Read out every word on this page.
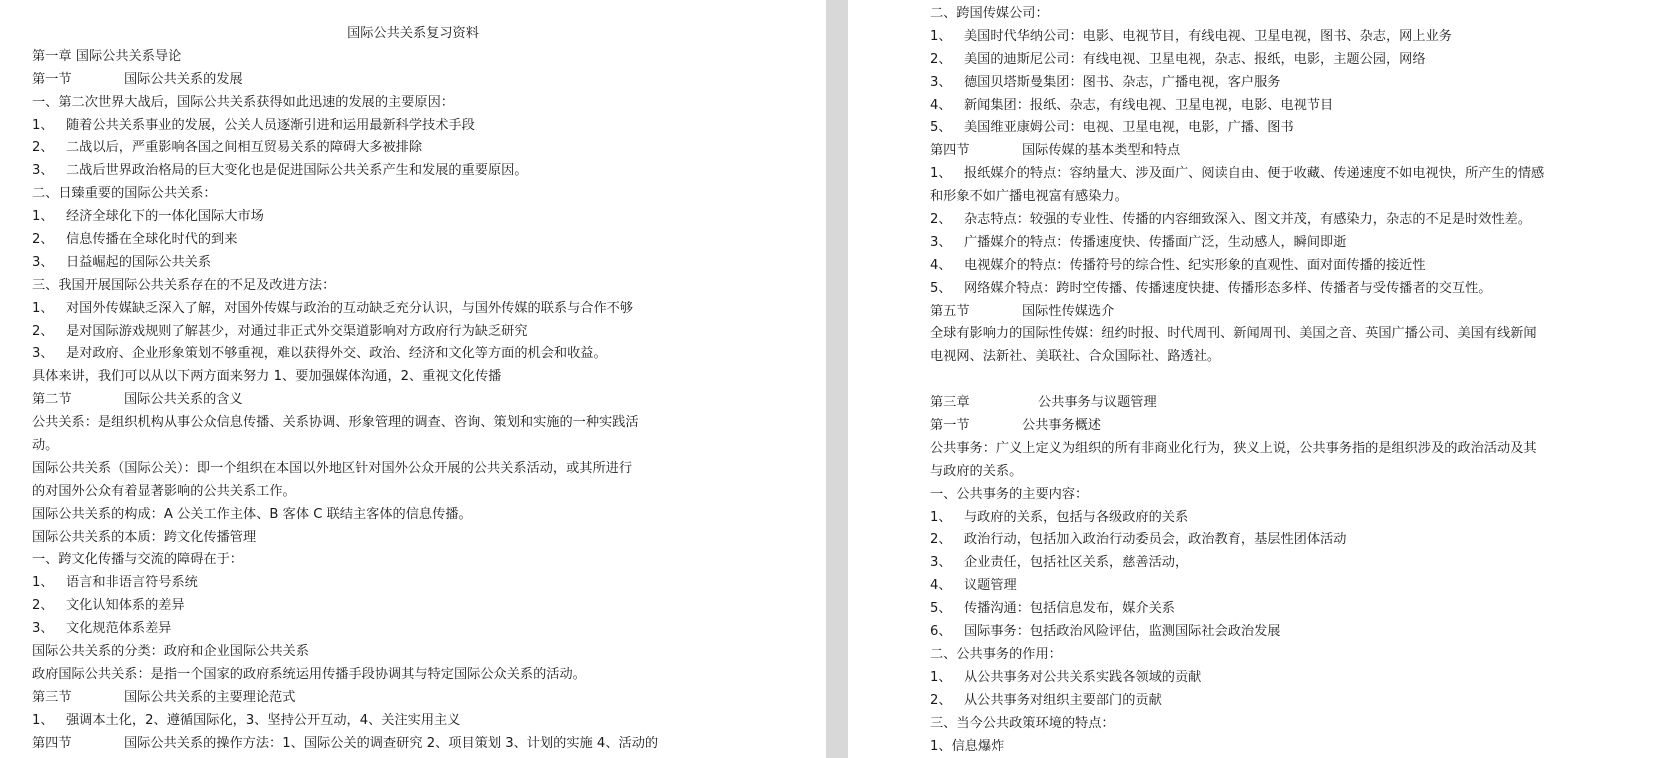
国际公共关系复习资料
第一章 国际公共关系导论
第一节	国际公共关系的发展
一、第二次世界大战后，国际公共关系获得如此迅速的发展的主要原因：
1、 随着公共关系事业的发展，公关人员逐渐引进和运用最新科学技术手段
2、 二战以后，严重影响各国之间相互贸易关系的障碍大多被排除
3、 二战后世界政治格局的巨大变化也是促进国际公共关系产生和发展的重要原因。
二、日臻重要的国际公共关系：
1、 经济全球化下的一体化国际大市场
2、 信息传播在全球化时代的到来
3、 日益崛起的国际公共关系
三、我国开展国际公共关系存在的不足及改进方法：
1、 对国外传媒缺乏深入了解，对国外传媒与政治的互动缺乏充分认识，与国外传媒的联系与合作不够
2、 是对国际游戏规则了解甚少，对通过非正式外交渠道影响对方政府行为缺乏研究
3、 是对政府、企业形象策划不够重视，难以获得外交、政治、经济和文化等方面的机会和收益。
具体来讲，我们可以从以下两方面来努力 1、要加强媒体沟通，2、重视文化传播
第二节	国际公共关系的含义
公共关系：是组织机构从事公众信息传播、关系协调、形象管理的调查、咨询、策划和实施的一种实践活
动。
国际公共关系（国际公关）：即一个组织在本国以外地区针对国外公众开展的公共关系活动，或其所进行
的对国外公众有着显著影响的公共关系工作。
国际公共关系的构成：A 公关工作主体、B 客体 C 联结主客体的信息传播。
国际公共关系的本质：跨文化传播管理
一、跨文化传播与交流的障碍在于：
1、 语言和非语言符号系统
2、 文化认知体系的差异
3、 文化规范体系差异
国际公共关系的分类：政府和企业国际公共关系
政府国际公共关系：是指一个国家的政府系统运用传播手段协调其与特定国际公众关系的活动。
第三节	国际公共关系的主要理论范式
1、 强调本土化，2、遵循国际化，3、坚持公开互动，4、关注实用主义
第四节	国际公共关系的操作方法：1、国际公关的调查研究 2、项目策划 3、计划的实施 4、活动的
二、跨国传媒公司：
1、 美国时代华纳公司：电影、电视节目，有线电视、卫星电视，图书、杂志，网上业务
2、 美国的迪斯尼公司：有线电视、卫星电视，杂志、报纸，电影，主题公园，网络
3、 德国贝塔斯曼集团：图书、杂志，广播电视，客户服务
4、 新闻集团：报纸、杂志，有线电视、卫星电视，电影、电视节目
5、 美国维亚康姆公司：电视、卫星电视，电影，广播、图书
第四节	国际传媒的基本类型和特点
1、 报纸媒介的特点：容纳量大、涉及面广、阅读自由、便于收藏、传递速度不如电视快，所产生的情感
和形象不如广播电视富有感染力。
2、 杂志特点：较强的专业性、传播的内容细致深入、图文并茂，有感染力，杂志的不足是时效性差。
3、 广播媒介的特点：传播速度快、传播面广泛，生动感人，瞬间即逝
4、 电视媒介的特点：传播符号的综合性、纪实形象的直观性、面对面传播的接近性
5、 网络媒介特点：跨时空传播、传播速度快捷、传播形态多样、传播者与受传播者的交互性。
第五节	国际性传媒选介
全球有影响力的国际性传媒：纽约时报、时代周刊、新闻周刊、美国之音、英国广播公司、美国有线新闻
电视网、法新社、美联社、合众国际社、路透社。
第三章	公共事务与议题管理
第一节	公共事务概述
公共事务：广义上定义为组织的所有非商业化行为，狭义上说，公共事务指的是组织涉及的政治活动及其
与政府的关系。
一、公共事务的主要内容：
1、 与政府的关系，包括与各级政府的关系
2、 政治行动，包括加入政治行动委员会，政治教育，基层性团体活动
3、 企业责任，包括社区关系，慈善活动，
4、 议题管理
5、 传播沟通：包括信息发布，媒介关系
6、 国际事务：包括政治风险评估，监测国际社会政治发展
二、公共事务的作用：
1、 从公共事务对公共关系实践各领域的贡献
2、 从公共事务对组织主要部门的贡献
三、当今公共政策环境的特点：
1、信息爆炸
